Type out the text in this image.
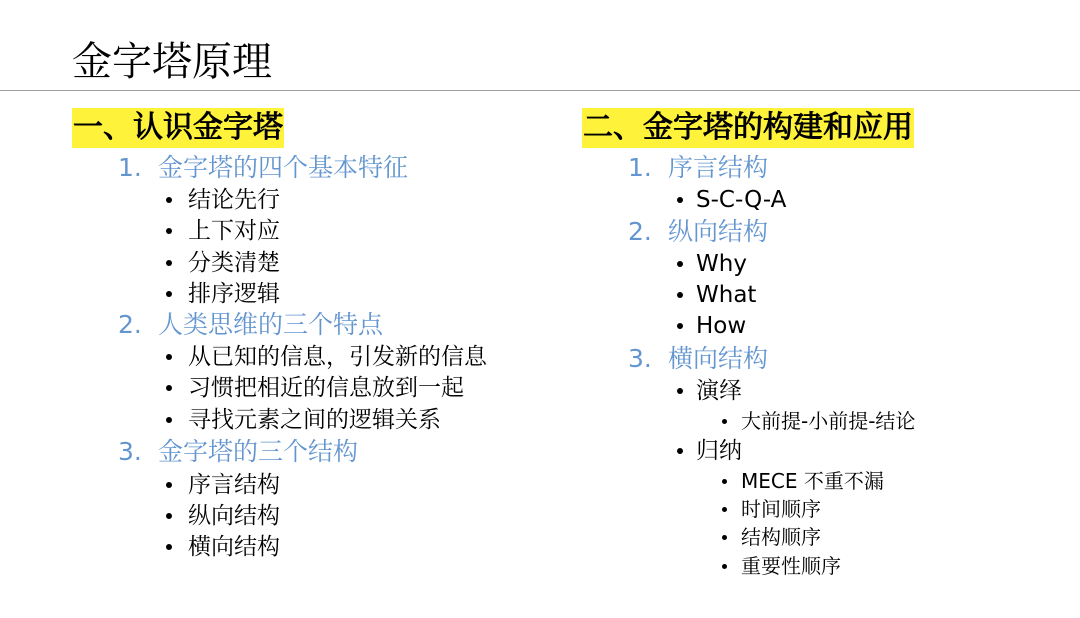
金字塔原理
一、认识金字塔
1. 金字塔的四个基本特征
结论先行
上下对应
分类清楚
排序逻辑
2. 人类思维的三个特点
从已知的信息，引发新的信息
习惯把相近的信息放到一起
寻找元素之间的逻辑关系
3. 金字塔的三个结构
序言结构
纵向结构
横向结构
二、金字塔的构建和应用
1. 序言结构
S-C-Q-A
2. 纵向结构
Why
What
How
3. 横向结构
演绎
大前提-小前提-结论
归纳
MECE 不重不漏
时间顺序
结构顺序
重要性顺序
